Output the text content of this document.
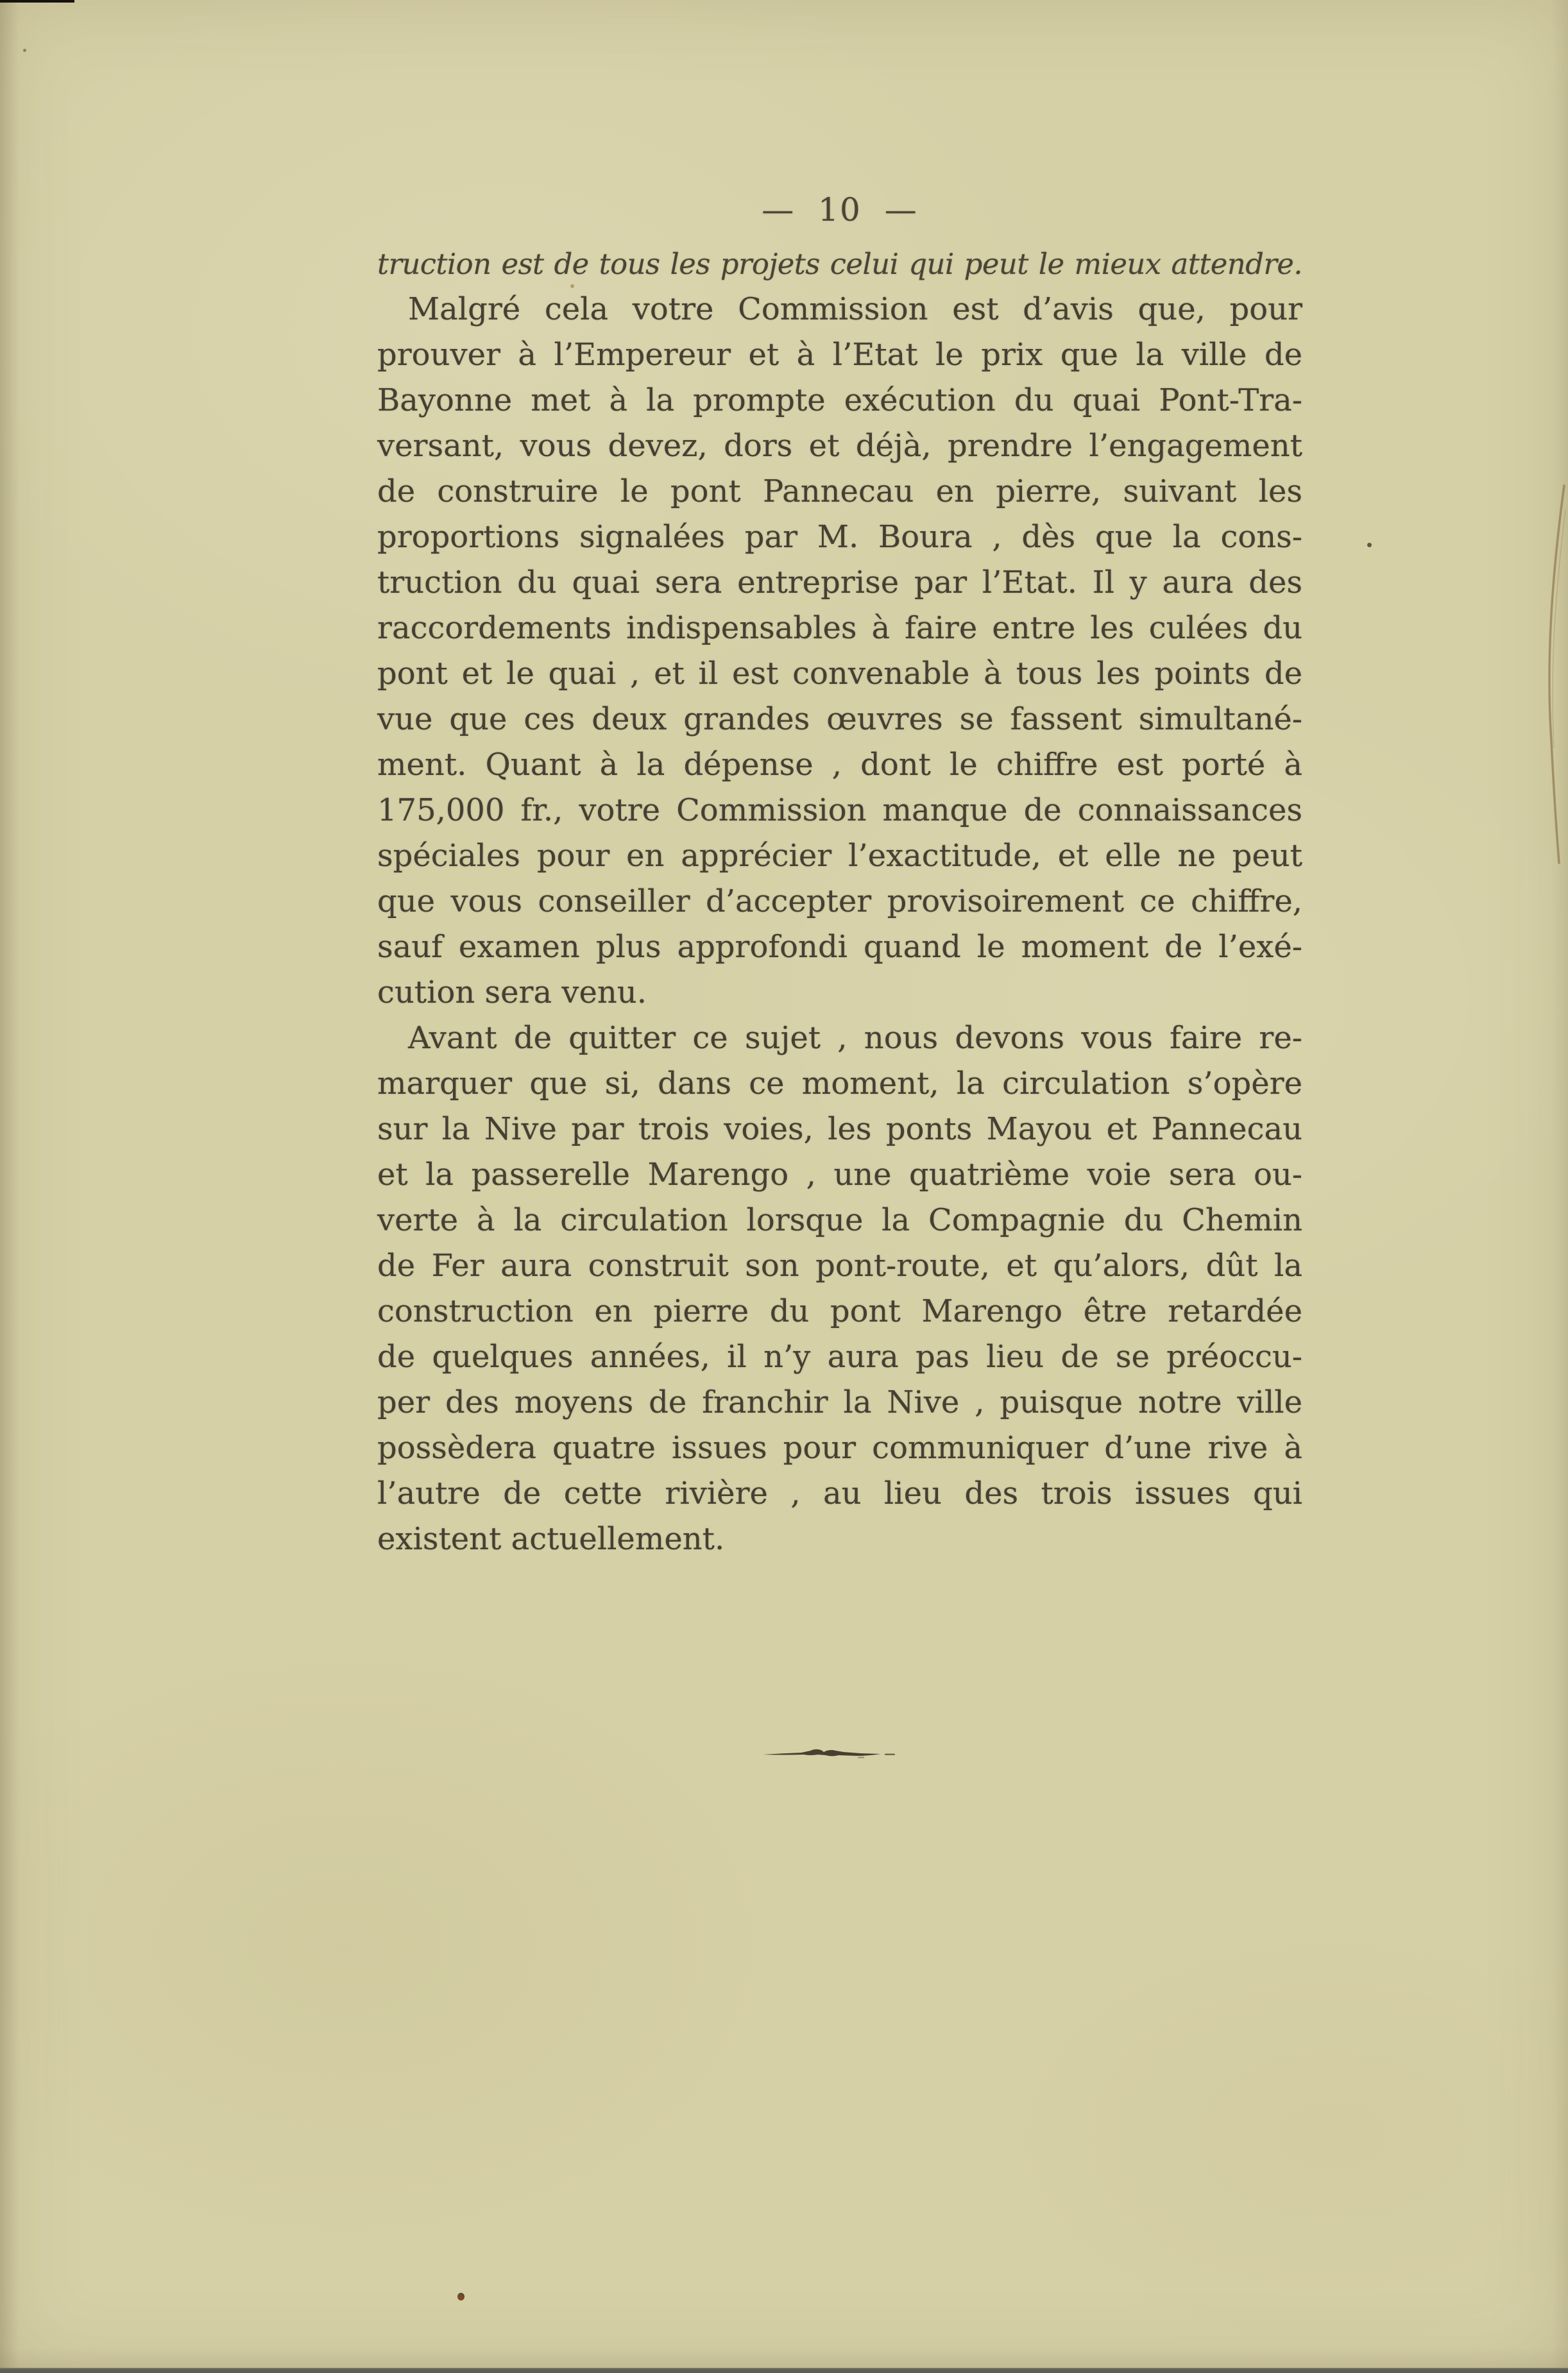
— 10 —
truction est de tous les projets celui qui peut le mieux attendre.
Malgré cela votre Commission est d’avis que, pour
prouver à l’Empereur et à l’Etat le prix que la ville de
Bayonne met à la prompte exécution du quai Pont-Tra-
versant, vous devez, dors et déjà, prendre l’engagement
de construire le pont Pannecau en pierre, suivant les
proportions signalées par M. Boura , dès que la cons-
truction du quai sera entreprise par l’Etat. Il y aura des
raccordements indispensables à faire entre les culées du
pont et le quai , et il est convenable à tous les points de
vue que ces deux grandes œuvres se fassent simultané-
ment. Quant à la dépense , dont le chiffre est porté à
175,000 fr., votre Commission manque de connaissances
spéciales pour en apprécier l’exactitude, et elle ne peut
que vous conseiller d’accepter provisoirement ce chiffre,
sauf examen plus approfondi quand le moment de l’exé-
cution sera venu.
Avant de quitter ce sujet , nous devons vous faire re-
marquer que si, dans ce moment, la circulation s’opère
sur la Nive par trois voies, les ponts Mayou et Pannecau
et la passerelle Marengo , une quatrième voie sera ou-
verte à la circulation lorsque la Compagnie du Chemin
de Fer aura construit son pont-route, et qu’alors, dût la
construction en pierre du pont Marengo être retardée
de quelques années, il n’y aura pas lieu de se préoccu-
per des moyens de franchir la Nive , puisque notre ville
possèdera quatre issues pour communiquer d’une rive à
l’autre de cette rivière , au lieu des trois issues qui
existent actuellement.
